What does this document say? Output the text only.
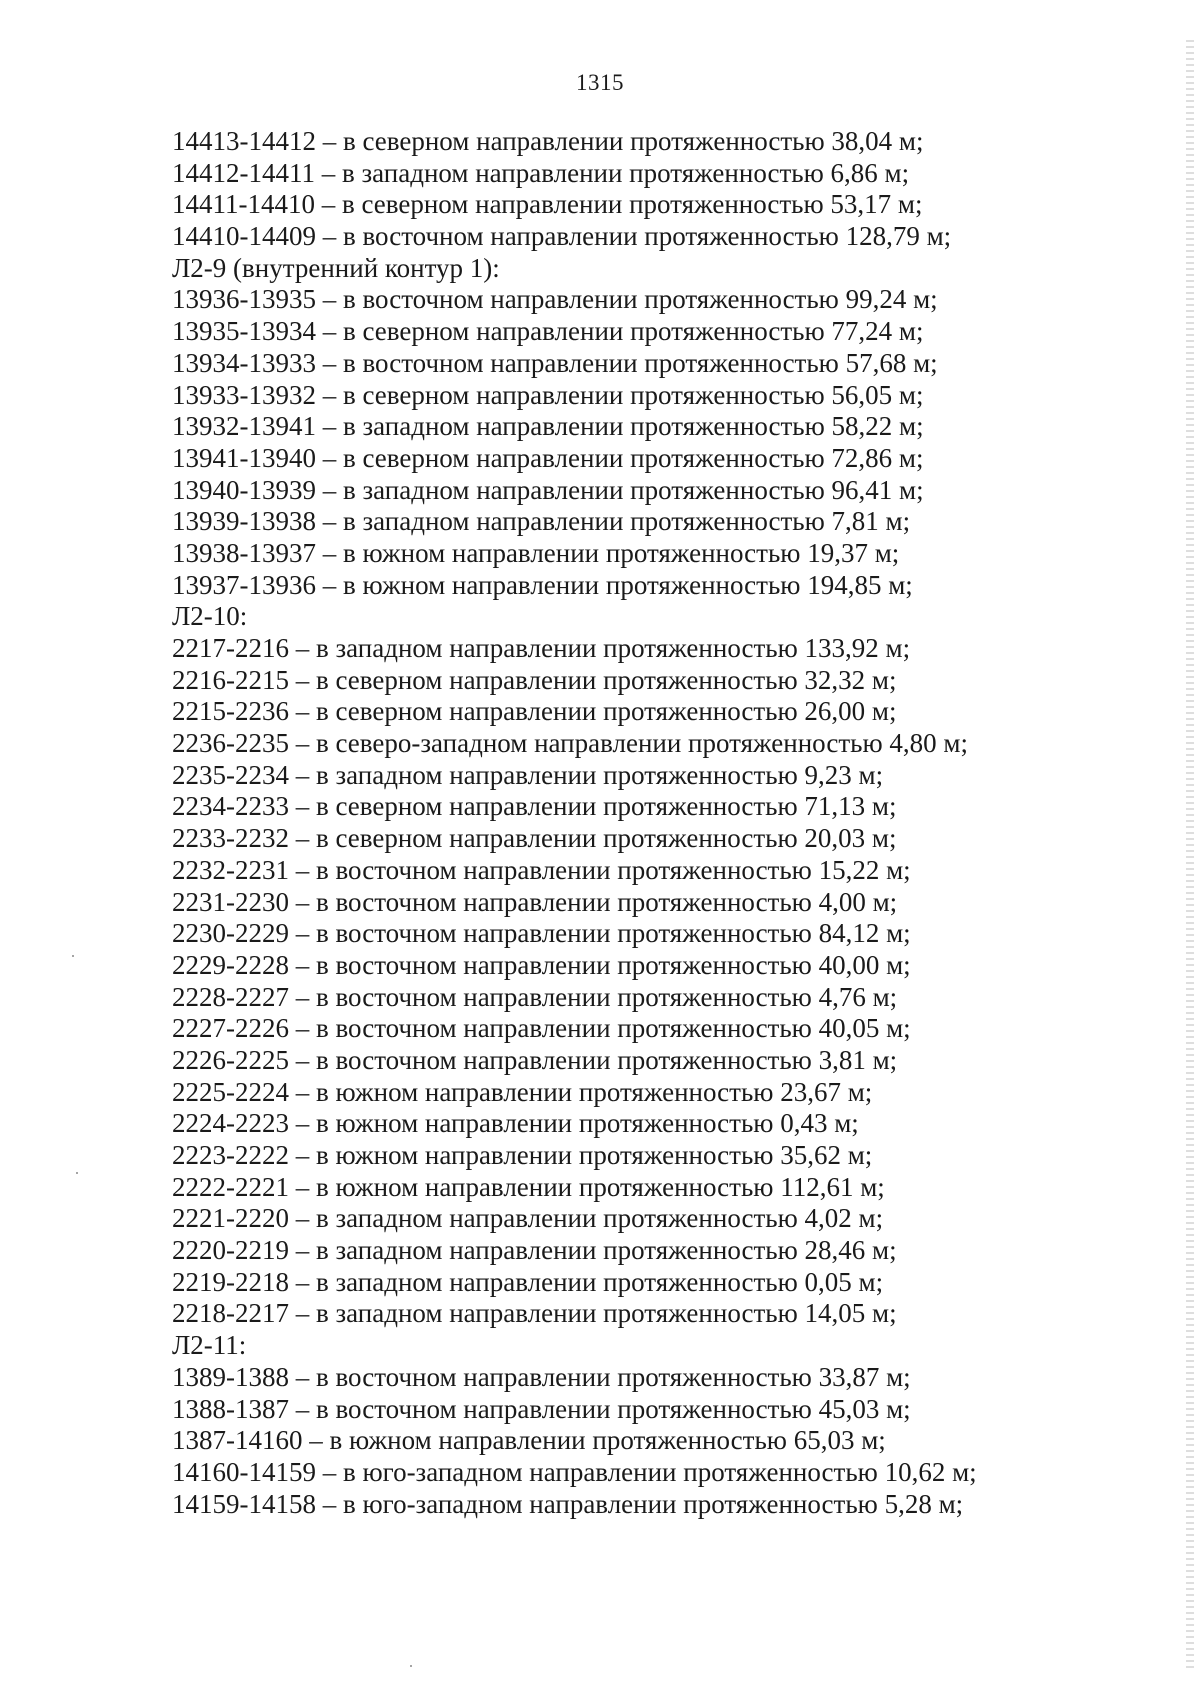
1315
14413-14412 – в северном направлении протяженностью 38,04 м;
14412-14411 – в западном направлении протяженностью 6,86 м;
14411-14410 – в северном направлении протяженностью 53,17 м;
14410-14409 – в восточном направлении протяженностью 128,79 м;
Л2-9 (внутренний контур 1):
13936-13935 – в восточном направлении протяженностью 99,24 м;
13935-13934 – в северном направлении протяженностью 77,24 м;
13934-13933 – в восточном направлении протяженностью 57,68 м;
13933-13932 – в северном направлении протяженностью 56,05 м;
13932-13941 – в западном направлении протяженностью 58,22 м;
13941-13940 – в северном направлении протяженностью 72,86 м;
13940-13939 – в западном направлении протяженностью 96,41 м;
13939-13938 – в западном направлении протяженностью 7,81 м;
13938-13937 – в южном направлении протяженностью 19,37 м;
13937-13936 – в южном направлении протяженностью 194,85 м;
Л2-10:
2217-2216 – в западном направлении протяженностью 133,92 м;
2216-2215 – в северном направлении протяженностью 32,32 м;
2215-2236 – в северном направлении протяженностью 26,00 м;
2236-2235 – в северо-западном направлении протяженностью 4,80 м;
2235-2234 – в западном направлении протяженностью 9,23 м;
2234-2233 – в северном направлении протяженностью 71,13 м;
2233-2232 – в северном направлении протяженностью 20,03 м;
2232-2231 – в восточном направлении протяженностью 15,22 м;
2231-2230 – в восточном направлении протяженностью 4,00 м;
2230-2229 – в восточном направлении протяженностью 84,12 м;
2229-2228 – в восточном направлении протяженностью 40,00 м;
2228-2227 – в восточном направлении протяженностью 4,76 м;
2227-2226 – в восточном направлении протяженностью 40,05 м;
2226-2225 – в восточном направлении протяженностью 3,81 м;
2225-2224 – в южном направлении протяженностью 23,67 м;
2224-2223 – в южном направлении протяженностью 0,43 м;
2223-2222 – в южном направлении протяженностью 35,62 м;
2222-2221 – в южном направлении протяженностью 112,61 м;
2221-2220 – в западном направлении протяженностью 4,02 м;
2220-2219 – в западном направлении протяженностью 28,46 м;
2219-2218 – в западном направлении протяженностью 0,05 м;
2218-2217 – в западном направлении протяженностью 14,05 м;
Л2-11:
1389-1388 – в восточном направлении протяженностью 33,87 м;
1388-1387 – в восточном направлении протяженностью 45,03 м;
1387-14160 – в южном направлении протяженностью 65,03 м;
14160-14159 – в юго-западном направлении протяженностью 10,62 м;
14159-14158 – в юго-западном направлении протяженностью 5,28 м;
